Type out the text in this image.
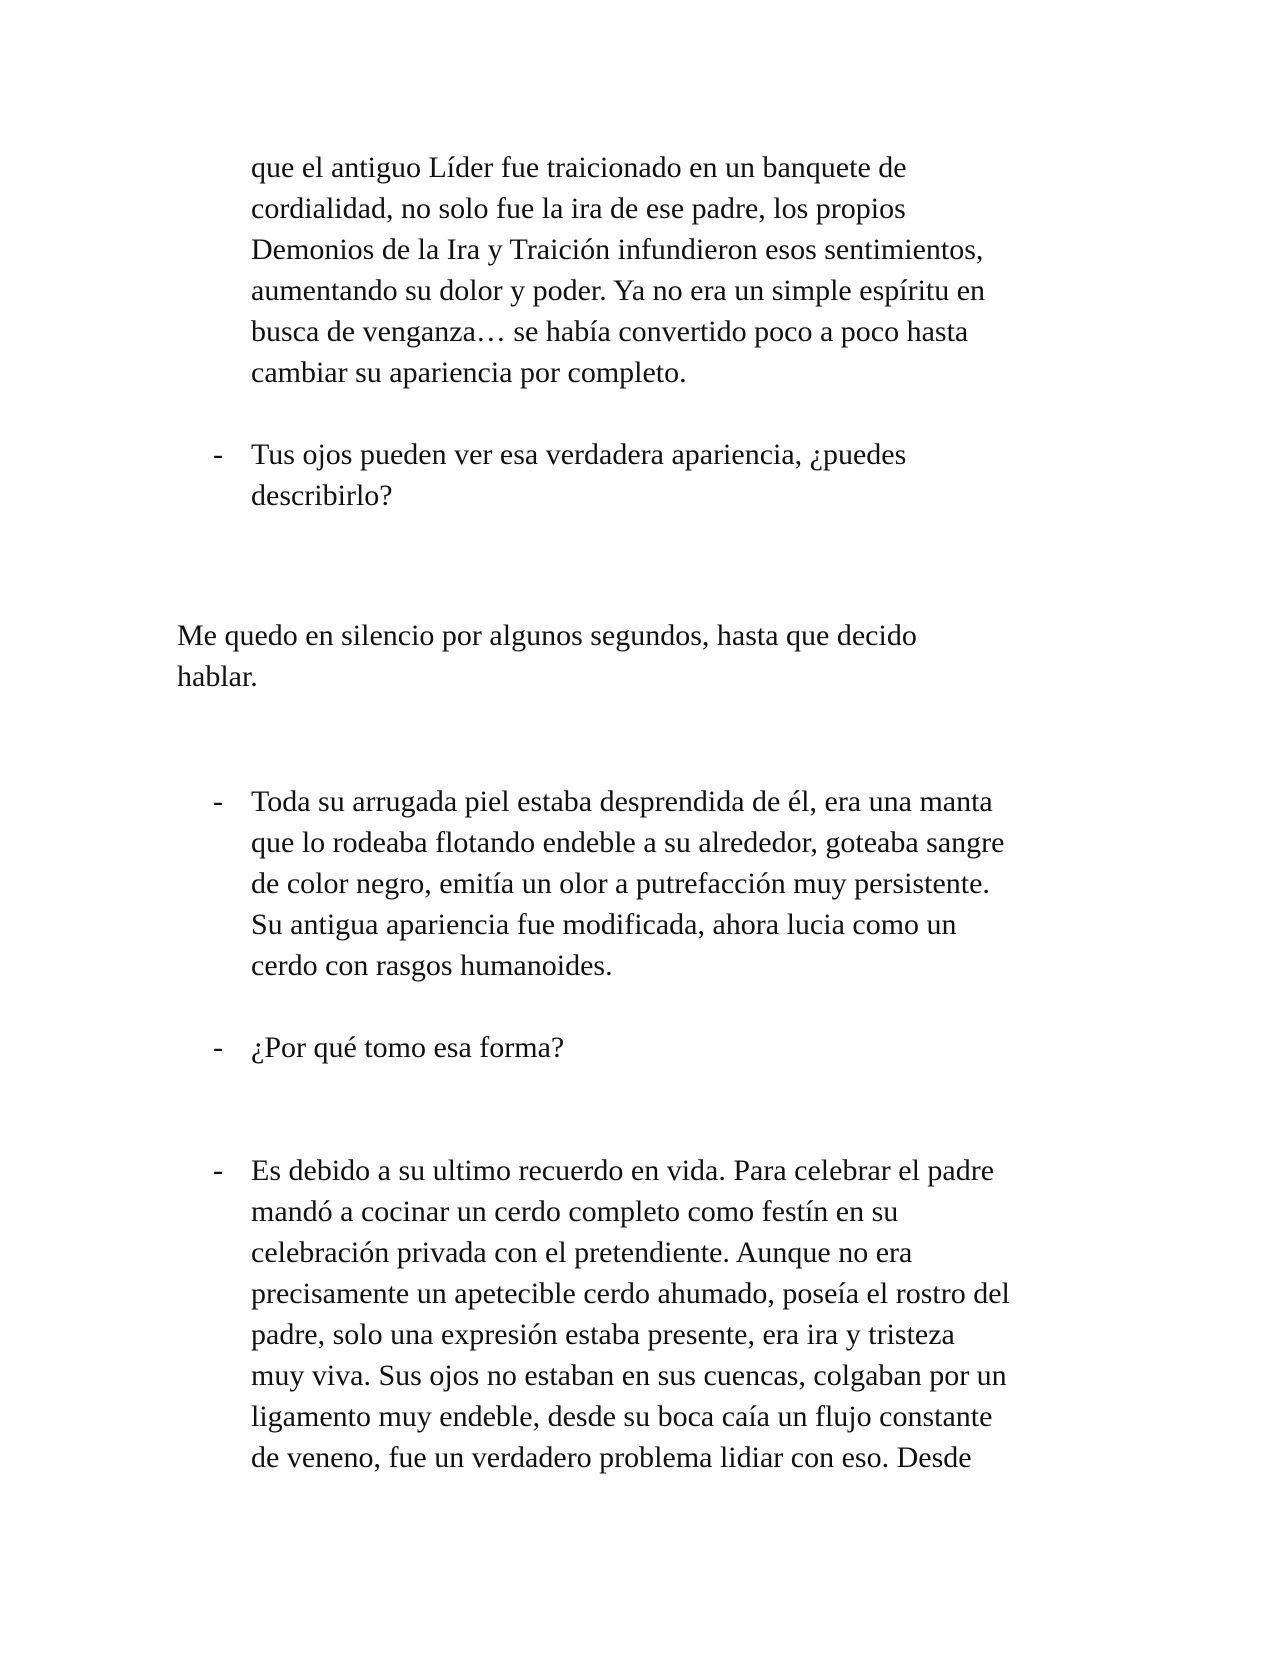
que el antiguo Líder fue traicionado en un banquete de

cordialidad, no solo fue la ira de ese padre, los propios

Demonios de la Ira y Traición infundieron esos sentimientos,

aumentando su dolor y poder. Ya no era un simple espíritu en

busca de venganza… se había convertido poco a poco hasta

cambiar su apariencia por completo.

- Tus ojos pueden ver esa verdadera apariencia, ¿puedes

describirlo?

Me quedo en silencio por algunos segundos, hasta que decido

hablar.

- Toda su arrugada piel estaba desprendida de él, era una manta

que lo rodeaba flotando endeble a su alrededor, goteaba sangre

de color negro, emitía un olor a putrefacción muy persistente.

Su antigua apariencia fue modificada, ahora lucia como un

cerdo con rasgos humanoides.

- ¿Por qué tomo esa forma?

- Es debido a su ultimo recuerdo en vida. Para celebrar el padre

mandó a cocinar un cerdo completo como festín en su

celebración privada con el pretendiente. Aunque no era

precisamente un apetecible cerdo ahumado, poseía el rostro del

padre, solo una expresión estaba presente, era ira y tristeza

muy viva. Sus ojos no estaban en sus cuencas, colgaban por un

ligamento muy endeble, desde su boca caía un flujo constante

de veneno, fue un verdadero problema lidiar con eso. Desde
